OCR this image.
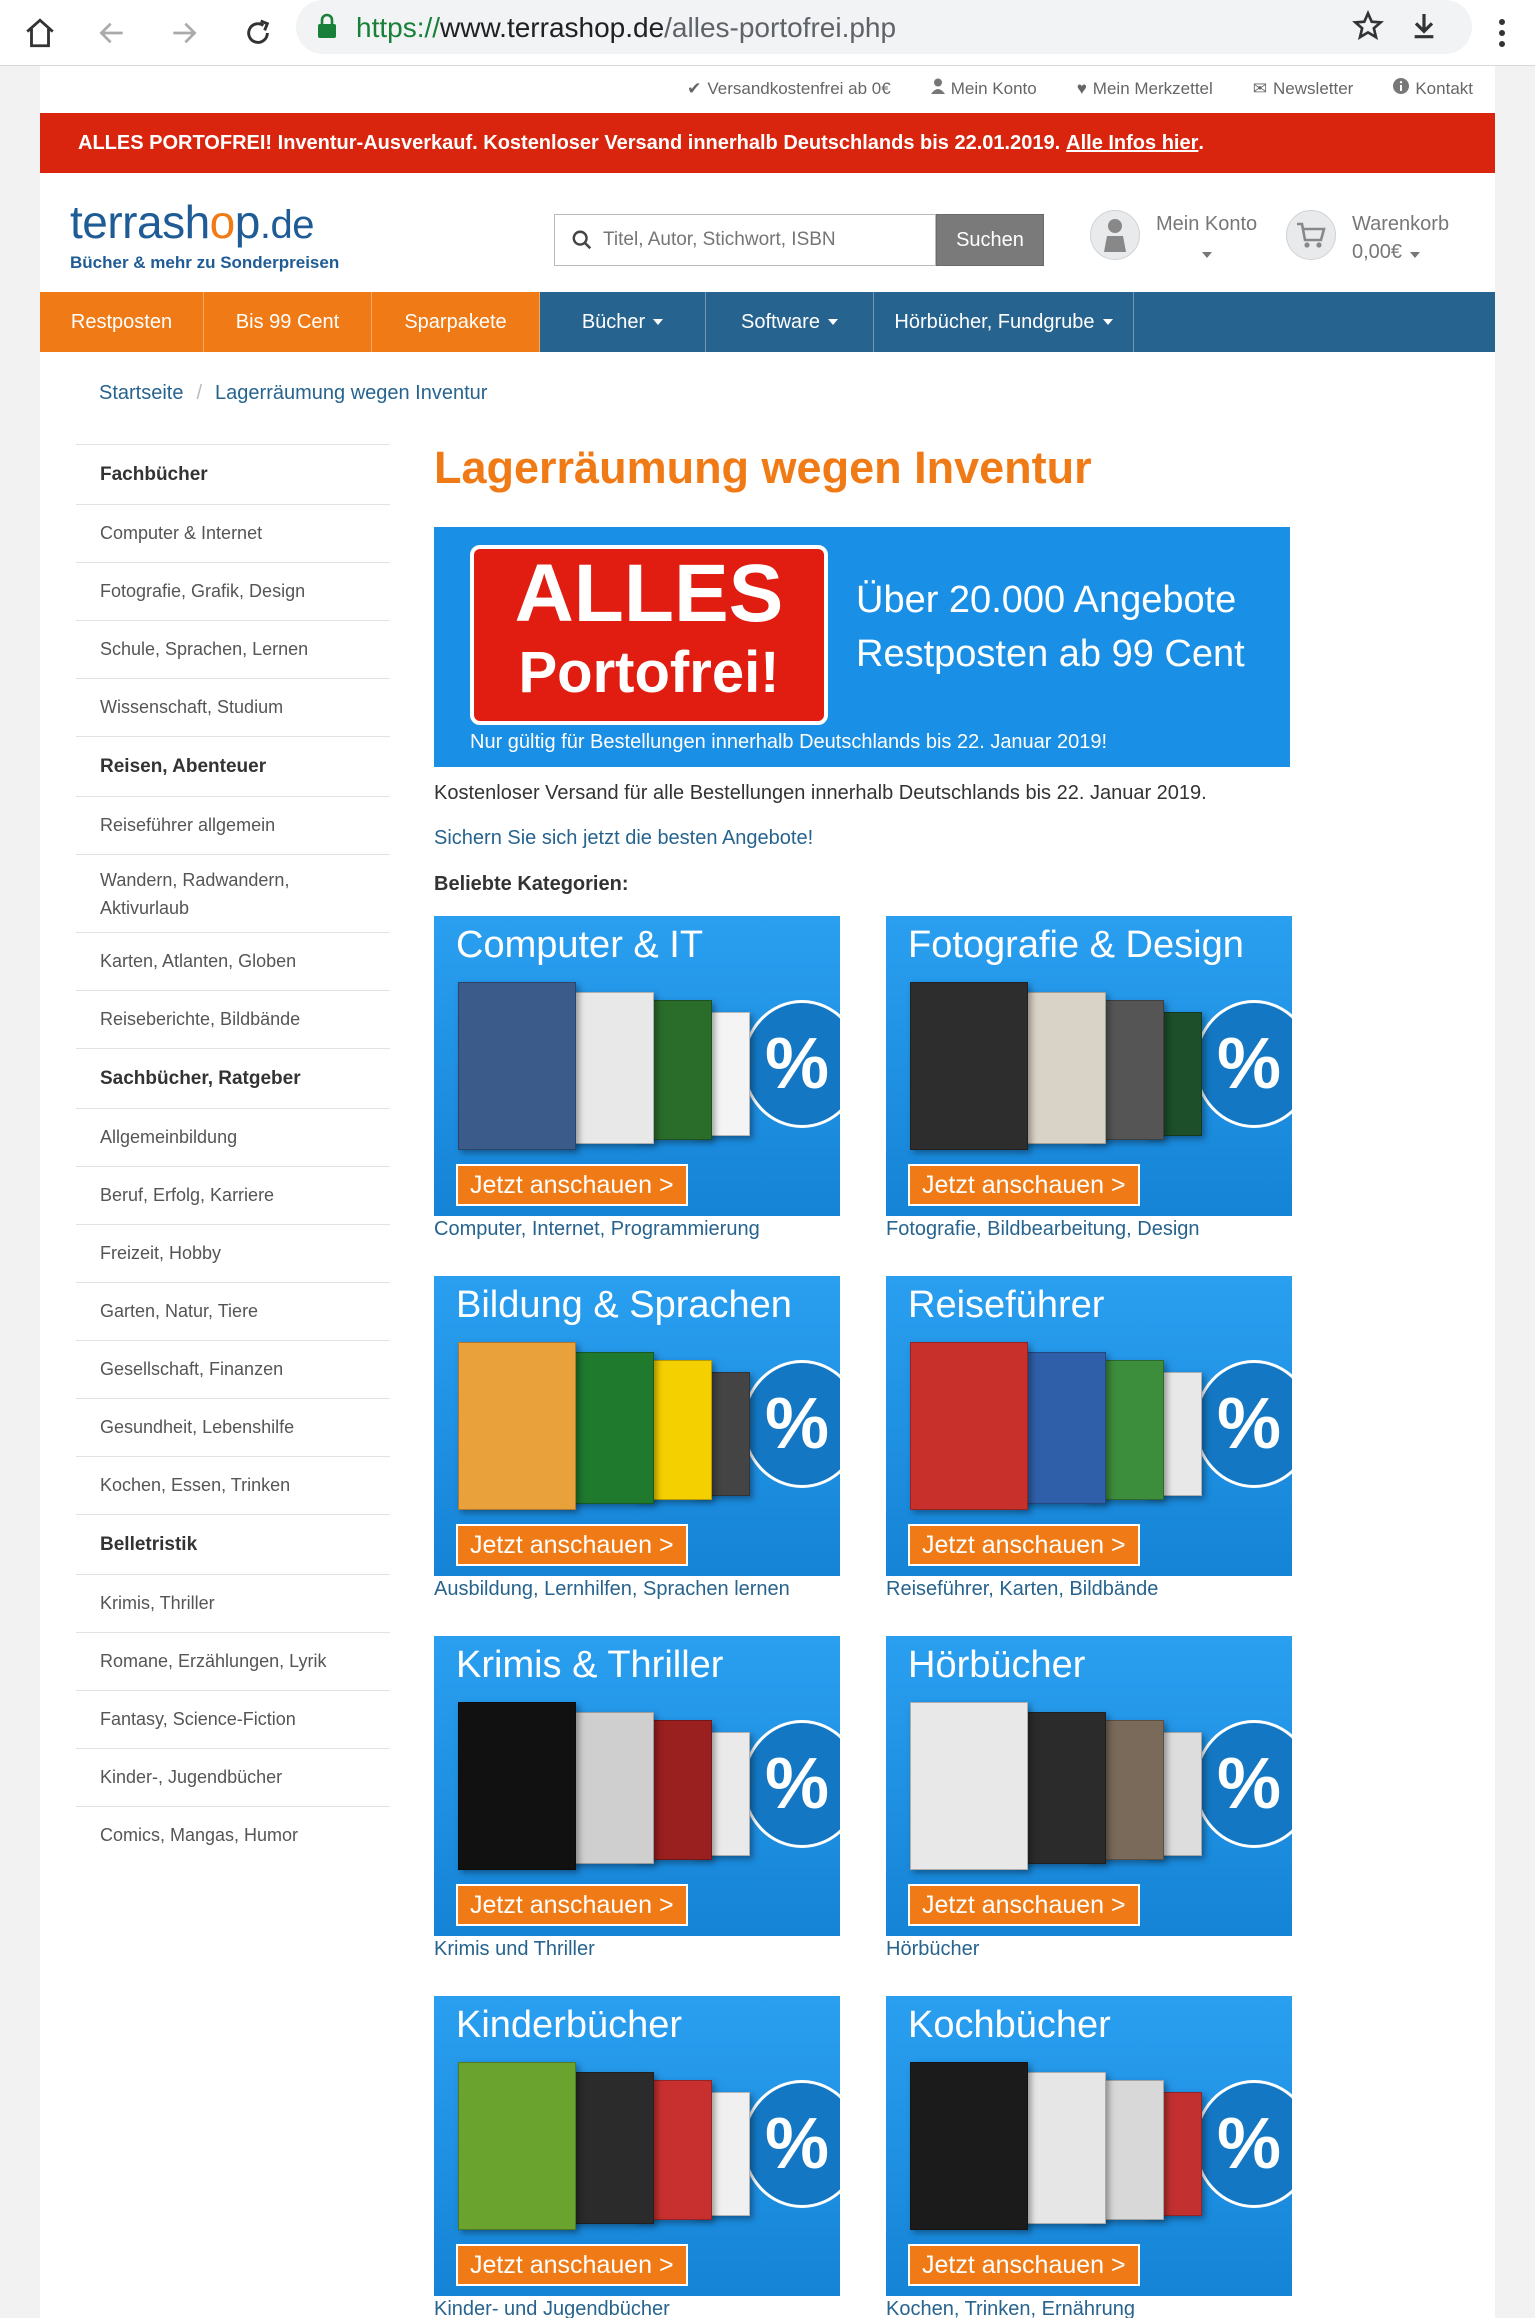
https://www.terrashop.de/alles-portofrei.php
✔ Versandkostenfrei ab 0€	Mein Konto ♥ Mein Merkzettel ✉ Newsletter	Kontakt
ALLES PORTOFREI! Inventur-Ausverkauf. Kostenloser Versand innerhalb Deutschlands bis 22.01.2019. Alle Infos hier .
terrashop.de
Bücher & mehr zu Sonderpreisen
Titel, Autor, Stichwort, ISBN
Suchen
Mein Konto	Warenkorb
0,00€
Restposten	Bis 99 Cent	Sparpakete	Bücher	Software	Hörbücher, Fundgrube
Startseite / Lagerräumung wegen Inventur
Fachbücher
Computer & Internet
Fotografie, Grafik, Design
Schule, Sprachen, Lernen
Wissenschaft, Studium
Reisen, Abenteuer
Reiseführer allgemein
Wandern, Radwandern,
Aktivurlaub
Karten, Atlanten, Globen
Reiseberichte, Bildbände
Sachbücher, Ratgeber
Allgemeinbildung
Beruf, Erfolg, Karriere
Freizeit, Hobby
Garten, Natur, Tiere
Gesellschaft, Finanzen
Gesundheit, Lebenshilfe
Kochen, Essen, Trinken
Belletristik
Krimis, Thriller
Romane, Erzählungen, Lyrik
Fantasy, Science-Fiction
Kinder-, Jugendbücher
Comics, Mangas, Humor
Lagerräumung wegen Inventur
ALLES
Portofrei!
Über 20.000 Angebote
Restposten ab 99 Cent
Nur gültig für Bestellungen innerhalb Deutschlands bis 22. Januar 2019!
Kostenloser Versand für alle Bestellungen innerhalb Deutschlands bis 22. Januar 2019.
Sichern Sie sich jetzt die besten Angebote!
Beliebte Kategorien:
Computer & IT
%
Jetzt anschauen >
Computer, Internet, Programmierung
Fotografie & Design
%
Jetzt anschauen >
Fotografie, Bildbearbeitung, Design
Bildung & Sprachen
%
Jetzt anschauen >
Ausbildung, Lernhilfen, Sprachen lernen
Reiseführer
%
Jetzt anschauen >
Reiseführer, Karten, Bildbände
Krimis & Thriller
%
Jetzt anschauen >
Krimis und Thriller
Hörbücher
%
Jetzt anschauen >
Hörbücher
Kinderbücher
%
Jetzt anschauen >
Kinder- und Jugendbücher
Kochbücher
%
Jetzt anschauen >
Kochen, Trinken, Ernährung
